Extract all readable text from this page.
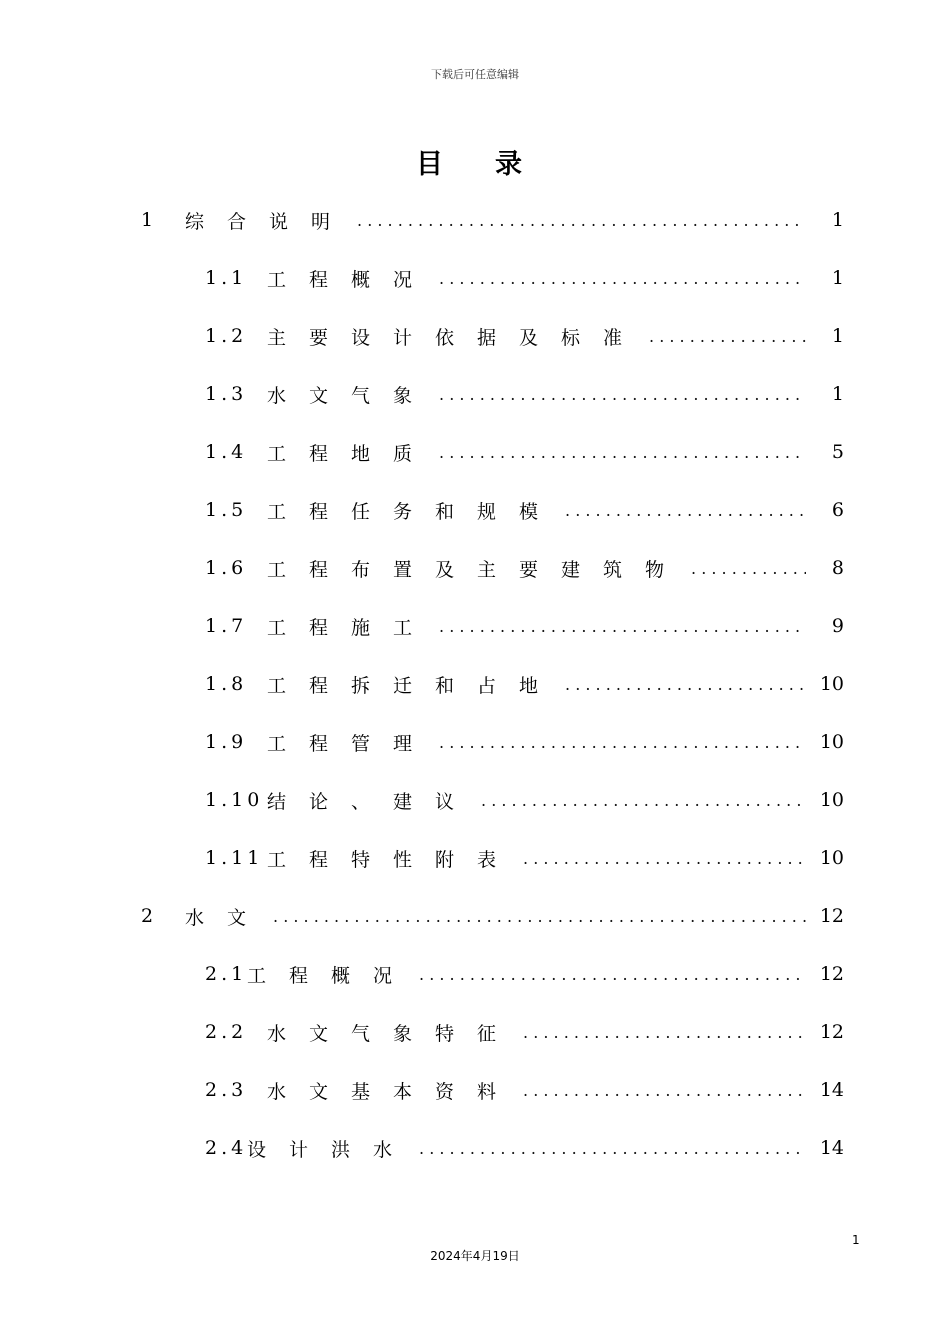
下载后可任意编辑
目录
1	综合说明 . . .	1
1.1	工程概况 . . .	1
1.2	主要设计依据及标准 . . .	1
1.3	水文气象 . . .	1
1.4	工程地质 . . .	5
1.5	工程任务和规模 . . .	6
1.6	工程布置及主要建筑物 . . .	8
1.7	工程施工 . . .	9
1.8	工程拆迁和占地 . . .	10
1.9	工程管理 . . .	10
1.10 结论、建议 . . .	10
1.11 工程特性附表 . . .	10
2	水文 . . .	12
2.1 工程概况 . . .	12
2.2	水文气象特征 . . .	12
2.3	水文基本资料 . . .	14
2.4 设计洪水 . . .	14
1
2024年4月19日
